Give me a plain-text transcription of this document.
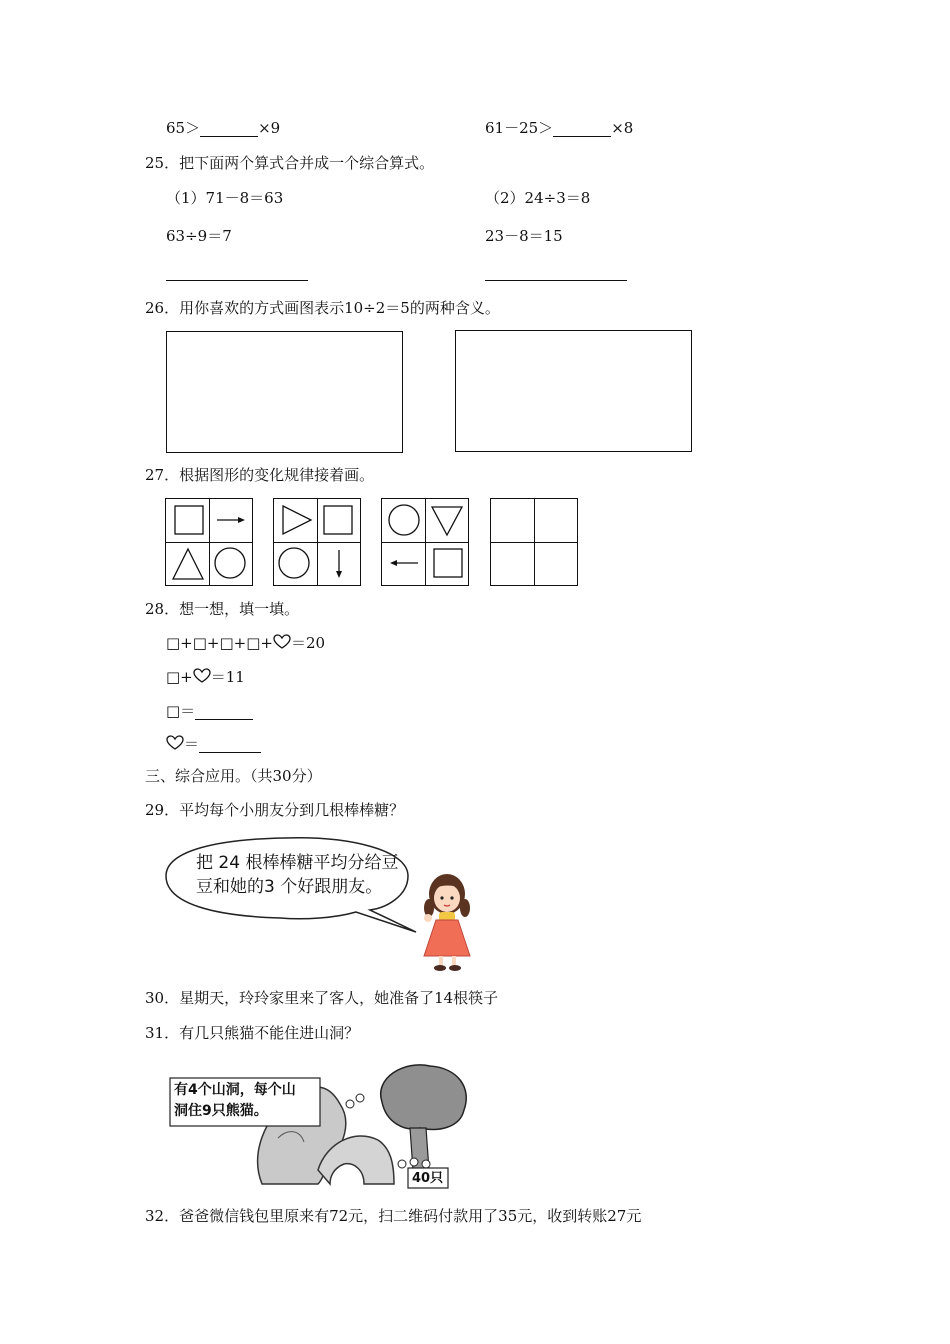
65＞	×9	61－25＞	×8
25．把下面两个算式合并成一个综合算式。
（1）71－8＝63	（2）24÷3＝8
63÷9＝7	23－8＝15
26．用你喜欢的方式画图表示10÷2＝5的两种含义。
27．根据图形的变化规律接着画。
28．想一想，填一填。
□+□+□+□+ ＝20
□+ ＝11
□＝
＝
三、综合应用。（共30分）
29．平均每个小朋友分到几根棒棒糖？
把 24 根棒棒糖平均分给豆
豆和她的3 个好跟朋友。
30．星期天，玲玲家里来了客人，她准备了14根筷子
31．有几只熊猫不能住进山洞？
有4个山洞，每个山
洞住9只熊猫。
40只
32．爸爸微信钱包里原来有72元，扫二维码付款用了35元，收到转账27元
